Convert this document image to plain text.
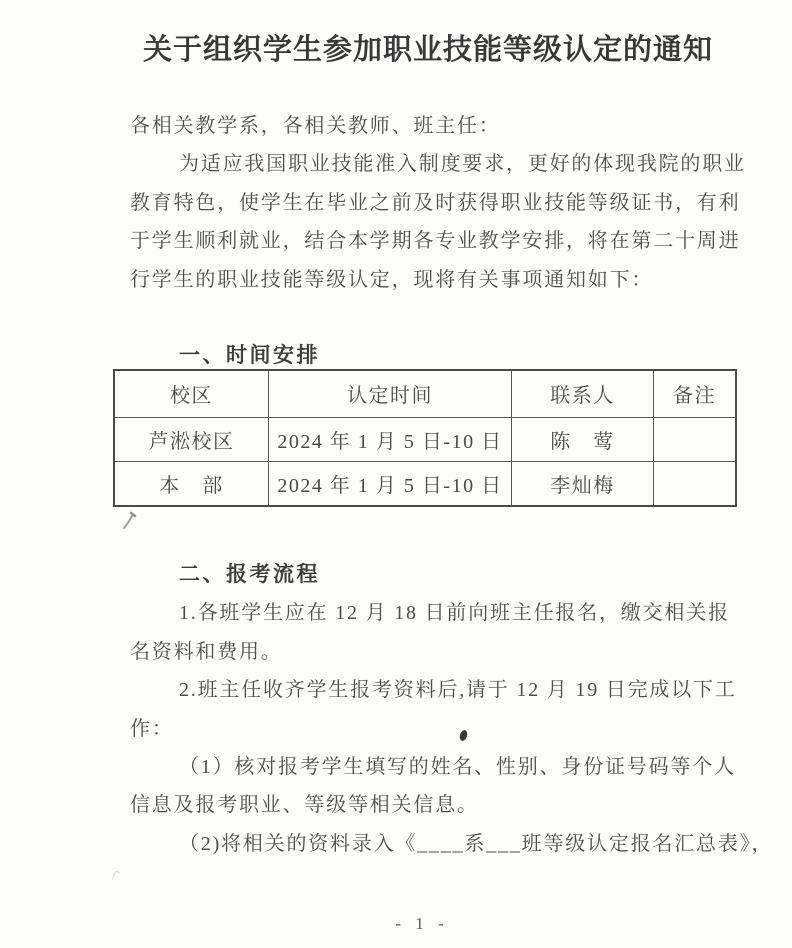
关于组织学生参加职业技能等级认定的通知
各相关教学系，各相关教师、班主任：
为适应我国职业技能准入制度要求，更好的体现我院的职业
教育特色，使学生在毕业之前及时获得职业技能等级证书，有利
于学生顺利就业，结合本学期各专业教学安排，将在第二十周进
行学生的职业技能等级认定，现将有关事项通知如下：
一、时间安排
校区	认定时间	联系人	备注
芦淞校区	2024 年 1 月 5 日-10 日	陈　莺	
本　部	2024 年 1 月 5 日-10 日	李灿梅	
二、报考流程
1.各班学生应在 12 月 18 日前向班主任报名，缴交相关报
名资料和费用。
2.班主任收齐学生报考资料后,请于 12 月 19 日完成以下工
作：
（1）核对报考学生填写的姓名、性别、身份证号码等个人
信息及报考职业、等级等相关信息。
（2)将相关的资料录入《____系___班等级认定报名汇总表》，
- 1 -
